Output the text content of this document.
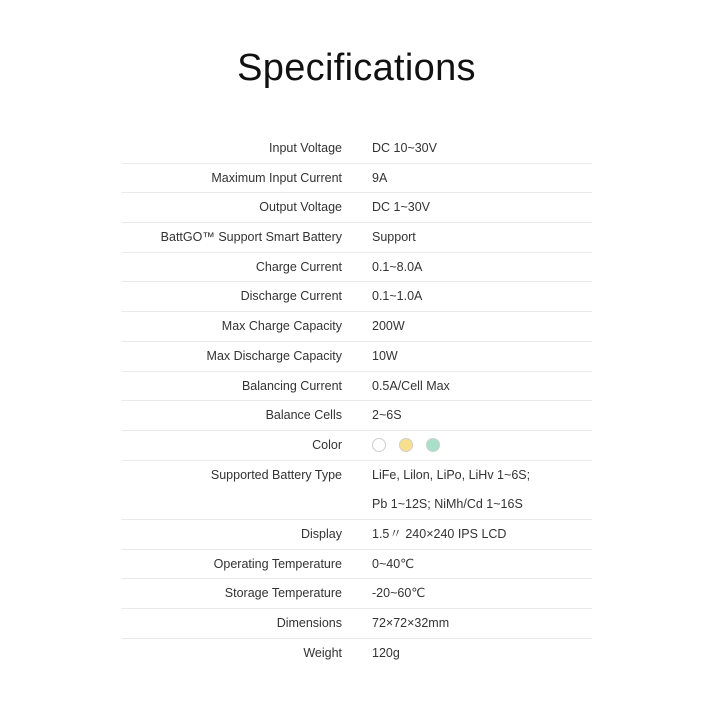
Specifications
Input Voltage DC 10~30V
Maximum Input Current 9A
Output Voltage DC 1~30V
BattGO™ Support Smart Battery Support
Charge Current 0.1~8.0A
Discharge Current 0.1~1.0A
Max Charge Capacity 200W
Max Discharge Capacity 10W
Balancing Current 0.5A/Cell Max
Balance Cells 2~6S
Color
Supported Battery Type LiFe, Lilon, LiPo, LiHv 1~6S;
Pb 1~12S; NiMh/Cd 1~16S
Display 1.5〃 240×240 IPS LCD
Operating Temperature 0~40℃
Storage Temperature -20~60℃
Dimensions 72×72×32mm
Weight 120g
